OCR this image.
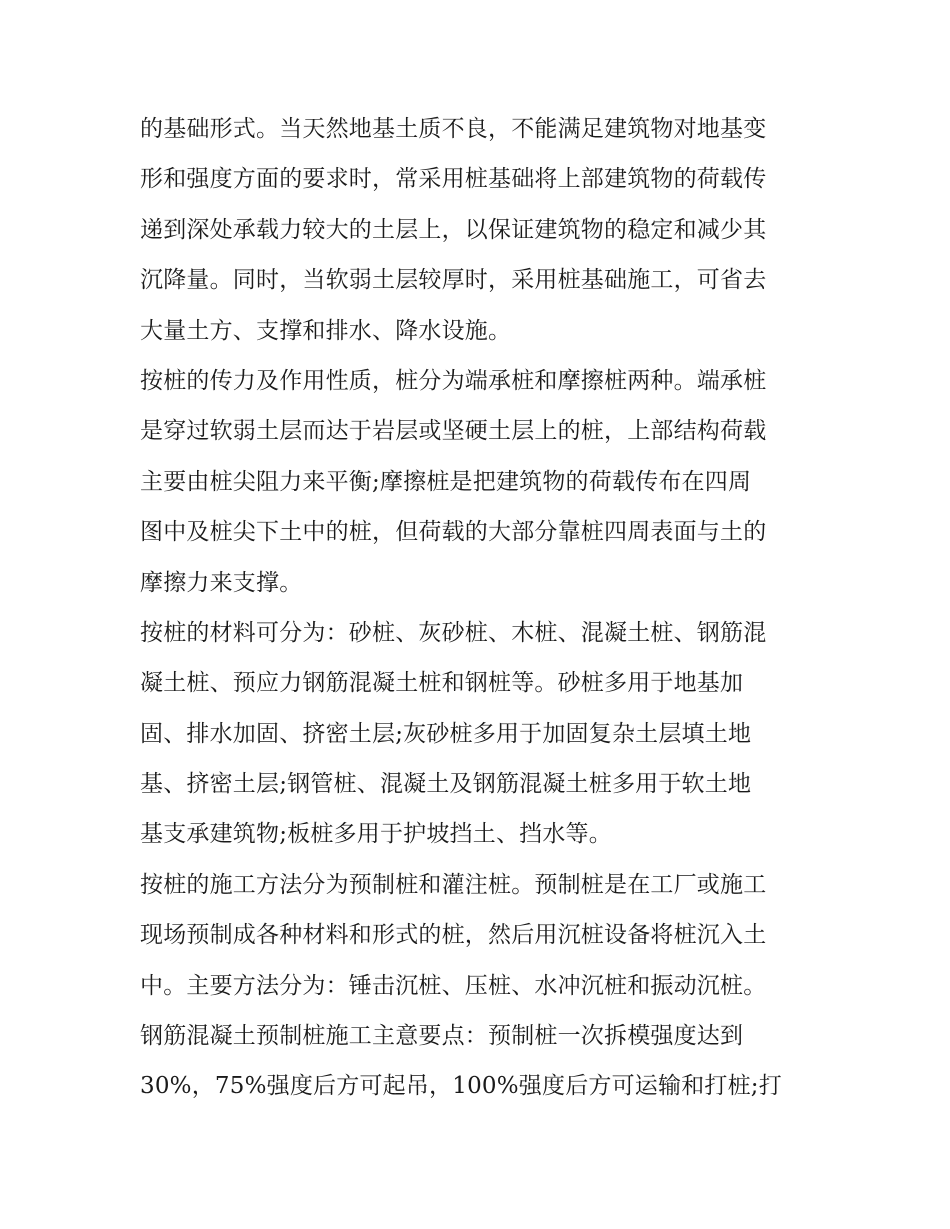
的基础形式。当天然地基土质不良，不能满足建筑物对地基变
形和强度方面的要求时，常采用桩基础将上部建筑物的荷载传
递到深处承载力较大的土层上，以保证建筑物的稳定和减少其
沉降量。同时，当软弱土层较厚时，采用桩基础施工，可省去
大量土方、支撑和排水、降水设施。
按桩的传力及作用性质，桩分为端承桩和摩擦桩两种。端承桩
是穿过软弱土层而达于岩层或坚硬土层上的桩，上部结构荷载
主要由桩尖阻力来平衡;摩擦桩是把建筑物的荷载传布在四周
图中及桩尖下土中的桩，但荷载的大部分靠桩四周表面与土的
摩擦力来支撑。
按桩的材料可分为：砂桩、灰砂桩、木桩、混凝土桩、钢筋混
凝土桩、预应力钢筋混凝土桩和钢桩等。砂桩多用于地基加
固、排水加固、挤密土层;灰砂桩多用于加固复杂土层填土地
基、挤密土层;钢管桩、混凝土及钢筋混凝土桩多用于软土地
基支承建筑物;板桩多用于护坡挡土、挡水等。
按桩的施工方法分为预制桩和灌注桩。预制桩是在工厂或施工
现场预制成各种材料和形式的桩，然后用沉桩设备将桩沉入土
中。主要方法分为：锤击沉桩、压桩、水冲沉桩和振动沉桩。
钢筋混凝土预制桩施工主意要点：预制桩一次拆模强度达到
30%，75%强度后方可起吊，100%强度后方可运输和打桩;打
